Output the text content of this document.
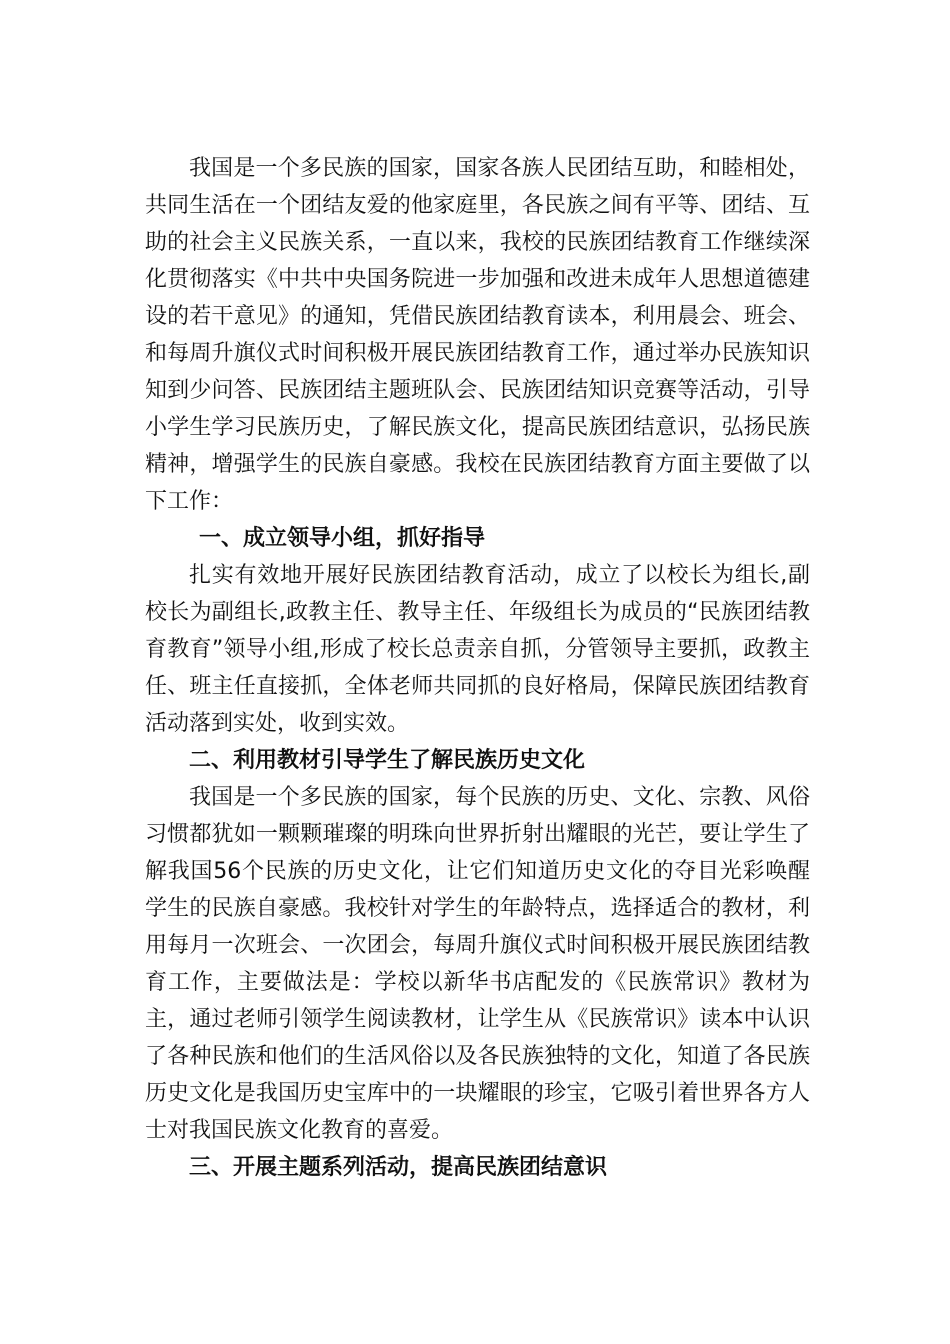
我国是一个多民族的国家，国家各族人民团结互助，和睦相处，共同生活在一个团结友爱的他家庭里，各民族之间有平等、团结、互助的社会主义民族关系，一直以来，我校的民族团结教育工作继续深化贯彻落实《中共中央国务院进一步加强和改进未成年人思想道德建设的若干意见》的通知，凭借民族团结教育读本，利用晨会、班会、和每周升旗仪式时间积极开展民族团结教育工作，通过举办民族知识知到少问答、民族团结主题班队会、民族团结知识竞赛等活动，引导小学生学习民族历史，了解民族文化，提高民族团结意识，弘扬民族精神，增强学生的民族自豪感。我校在民族团结教育方面主要做了以下工作：

一、成立领导小组，抓好指导

扎实有效地开展好民族团结教育活动，成立了以校长为组长,副校长为副组长,政教主任、教导主任、年级组长为成员的“民族团结教育教育”领导小组,形成了校长总责亲自抓，分管领导主要抓，政教主任、班主任直接抓，全体老师共同抓的良好格局，保障民族团结教育活动落到实处，收到实效。

二、利用教材引导学生了解民族历史文化

我国是一个多民族的国家，每个民族的历史、文化、宗教、风俗习惯都犹如一颗颗璀璨的明珠向世界折射出耀眼的光芒，要让学生了解我国56个民族的历史文化，让它们知道历史文化的夺目光彩唤醒学生的民族自豪感。我校针对学生的年龄特点，选择适合的教材，利用每月一次班会、一次团会，每周升旗仪式时间积极开展民族团结教育工作，主要做法是：学校以新华书店配发的《民族常识》教材为主，通过老师引领学生阅读教材，让学生从《民族常识》读本中认识了各种民族和他们的生活风俗以及各民族独特的文化，知道了各民族历史文化是我国历史宝库中的一块耀眼的珍宝，它吸引着世界各方人士对我国民族文化教育的喜爱。

三、开展主题系列活动，提高民族团结意识
